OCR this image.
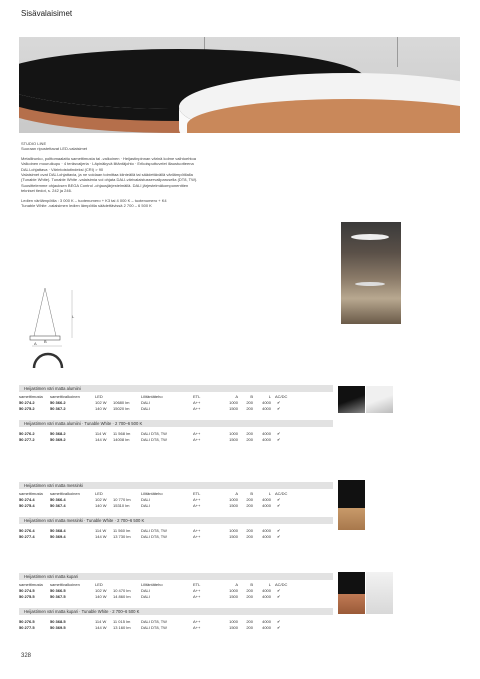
Sisävalaisimet
STUDIO LINE
Suoraan ripustettavat LED-valaisimet
Metallirunko, polttomaalattu samettimusta tai -valkoinen · Heijastinpinnan värinä kolme vaihtoehtoa
Valkoinen mouruikupu · 4 teräsvaijeria · Läpinäkyvä liitäntäjohto · Erikoisputtuvelet illaustuotteena
DALI-ohjattava · Värintoistotindeksi (CRI) > 90
Valaisimet ovat DALI-ohjattavia, ja ne voidaan toimittaa kiinteällä tai säädettävällä värilämpötilalla
(Tunable White). Tunable White -valaisimia voi ohjata DALI-värivalaistusservaliparusella (DT8, TW).
Suosittelemme ohjauksen BEGA Control -ohjausjärjestelmällä. DALI järjestelmäkomponenttien
tekniset tiedot, s. 242 ja 246.
Ledien värilämpötila : 3 000 K – tuotenumero + K3 tai 4 000 K – tuotenumero + K4
Tunable White -valaisimen ledien lämpötila säädettävissä 2 700 – 6 500 K
L
B
A
Heijastimen väri matta alumiini
samettimusta	samettivalkoinen	LED		Lilitäntäteho	ETL	A	B	L	AC/DC
50 274.2	50 366.2	102 W	10680 lm	DALI	A++	1000	200	4000	✔
50 275.2	50 367.2	140 W	15020 lm	DALI	A++	1500	200	4000	✔
Heijastimen väri matta alumiini · Tunable White · 2 700–6 500 K
50 276.2	50 368.2	114 W	11 568 lm	DALI DT8, TW	A++	1000	200	4000	✔
50 277.2	50 369.2	144 W	14008 lm	DALI DT8, TW	A++	1500	200	4000	✔
Heijastimen väri matta messinki
samettimusta	samettivalkoinen	LED		Lilitäntäteho	ETL	A	B	L	AC/DC
50 274.4	50 366.4	102 W	10 770 lm	DALI	A++	1000	200	4000	✔
50 275.4	50 367.4	140 W	15310 lm	DALI	A++	1500	200	4000	✔
Heijastimen väri matta messinki · Tunable White · 2 700–6 500 K
50 276.4	50 368.4	114 W	11 560 lm	DALI DT8, TW	A++	1000	200	4000	✔
50 277.4	50 369.4	144 W	13 730 lm	DALI DT8, TW	A++	1500	200	4000	✔
Heijastimen väri matta kupari
samettimusta	samettivalkoinen	LED		Lilitäntäteho	ETL	A	B	L	AC/DC
50 274.5	50 366.5	102 W	10 470 lm	DALI	A++	1000	200	4000	✔
50 275.5	50 367.5	140 W	14 860 lm	DALI	A++	1500	200	4000	✔
Heijastimen väri matta kupari · Tunable White · 2 700–6 500 K
50 276.5	50 368.5	114 W	11 015 lm	DALI DT8, TW	A++	1000	200	4000	✔
50 277.5	50 369.5	144 W	13 160 lm	DALI DT8, TW	A++	1500	200	4000	✔
328
